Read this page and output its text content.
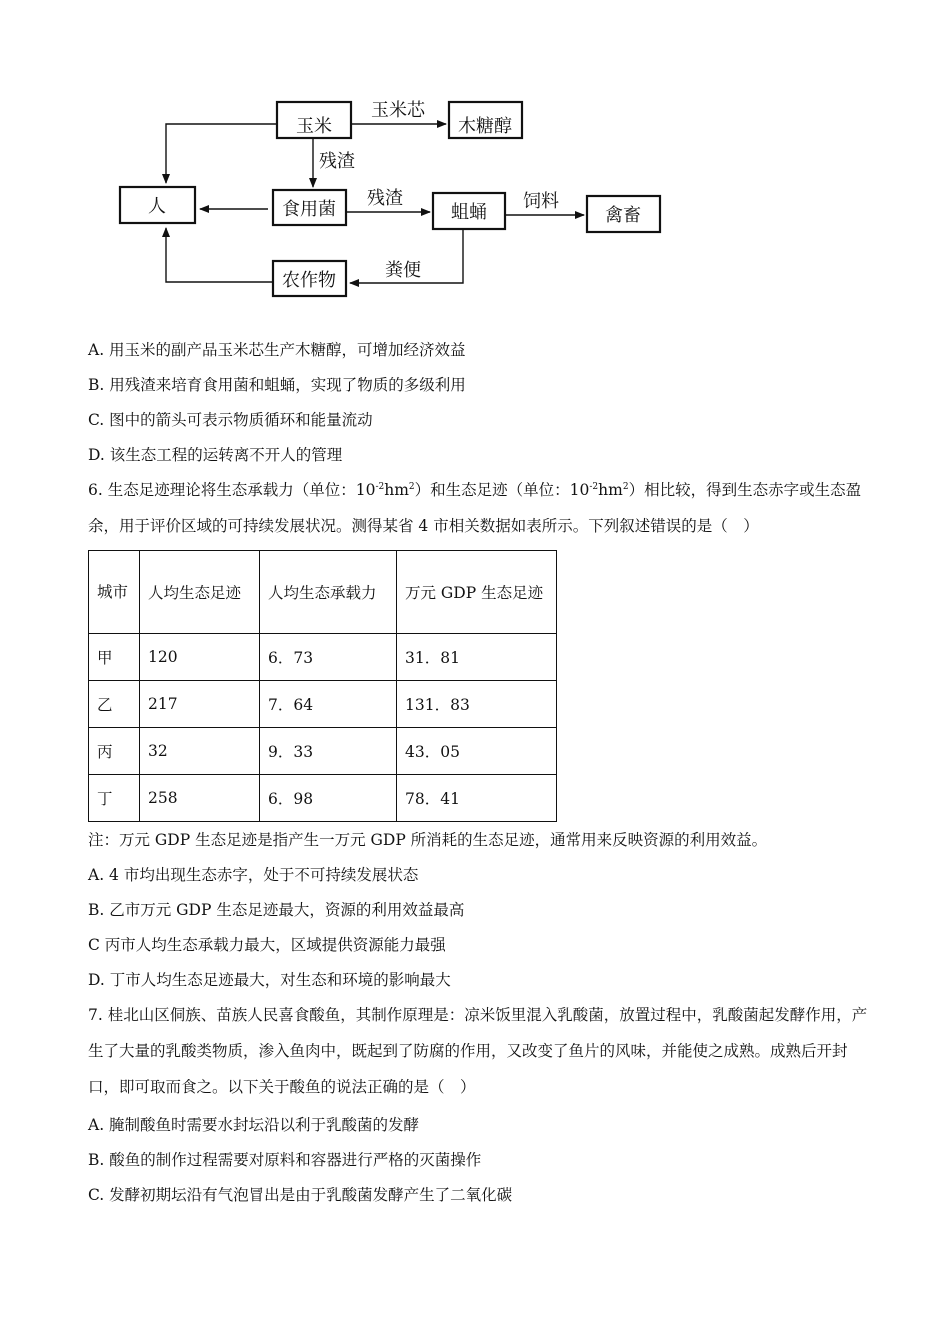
玉米	木糖醇
人	食用菌	蛆蛹	禽畜
农作物
玉米芯
残渣
残渣	饲料
粪便
A. 用玉米的副产品玉米芯生产木糖醇，可增加经济效益
B. 用残渣来培育食用菌和蛆蛹，实现了物质的多级利用
C. 图中的箭头可表示物质循环和能量流动
D. 该生态工程的运转离不开人的管理
6. 生态足迹理论将生态承载力（单位：$10^{-2}hm^2$）和生态足迹（单位：$10^{-2}hm^2$）相比较，得到生态赤字或生态盈余，用于评价区域的可持续发展状况。测得某省 4 市相关数据如表所示。下列叙述错误的是（　）
城市	人均生态足迹	人均生态承载力	万元 GDP 生态足迹
甲	120	6．73	31．81
乙	217	7．64	131．83
丙	32	9．33	43．05
丁	258	6．98	78．41
注：万元 GDP 生态足迹是指产生一万元 GDP 所消耗的生态足迹，通常用来反映资源的利用效益。
A. 4 市均出现生态赤字，处于不可持续发展状态
B. 乙市万元 GDP 生态足迹最大，资源的利用效益最高
C 丙市人均生态承载力最大，区域提供资源能力最强
D. 丁市人均生态足迹最大，对生态和环境的影响最大
7. 桂北山区侗族、苗族人民喜食酸鱼，其制作原理是：凉米饭里混入乳酸菌，放置过程中，乳酸菌起发酵作用，产生了大量的乳酸类物质，渗入鱼肉中，既起到了防腐的作用，又改变了鱼片的风味，并能使之成熟。成熟后开封口，即可取而食之。以下关于酸鱼的说法正确的是（　）
A. 腌制酸鱼时需要水封坛沿以利于乳酸菌的发酵
B. 酸鱼的制作过程需要对原料和容器进行严格的灭菌操作
C. 发酵初期坛沿有气泡冒出是由于乳酸菌发酵产生了二氧化碳
